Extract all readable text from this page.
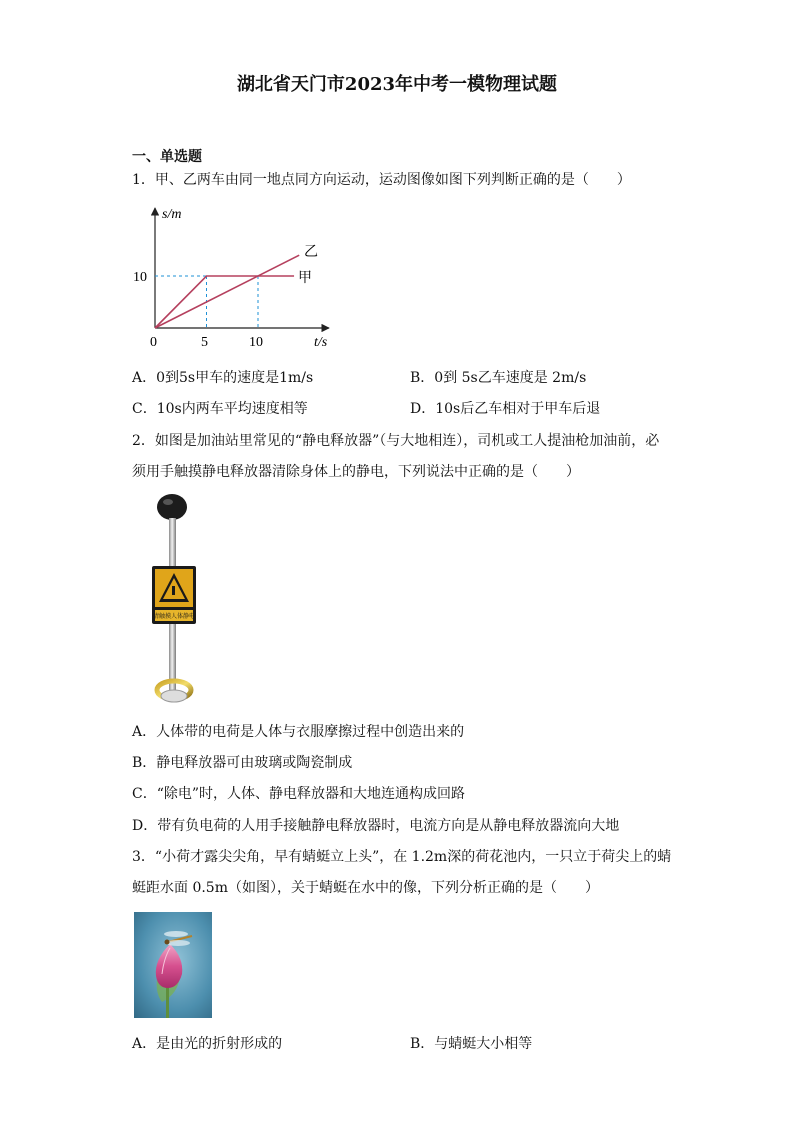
湖北省天门市2023年中考一模物理试题
一、单选题
1．甲、乙两车由同一地点同方向运动，运动图像如图下列判断正确的是（　　）
s/m
t/s
0	5	10
10
乙
甲
A．0到5s甲车的速度是1m/s	B．0到 5s乙车速度是 2m/s
C．10s内两车平均速度相等	D．10s后乙车相对于甲车后退
2．如图是加油站里常见的“静电释放器”（与大地相连），司机或工人提油枪加油前，必
须用手触摸静电释放器清除身体上的静电，下列说法中正确的是（　　）
请触摸人体静电
A．人体带的电荷是人体与衣服摩擦过程中创造出来的
B．静电释放器可由玻璃或陶瓷制成
C．“除电”时，人体、静电释放器和大地连通构成回路
D．带有负电荷的人用手接触静电释放器时，电流方向是从静电释放器流向大地
3．“小荷才露尖尖角，早有蜻蜓立上头”，在 1.2m深的荷花池内，一只立于荷尖上的蜻
蜓距水面 0.5m（如图），关于蜻蜓在水中的像，下列分析正确的是（　　）
A．是由光的折射形成的	B．与蜻蜓大小相等
